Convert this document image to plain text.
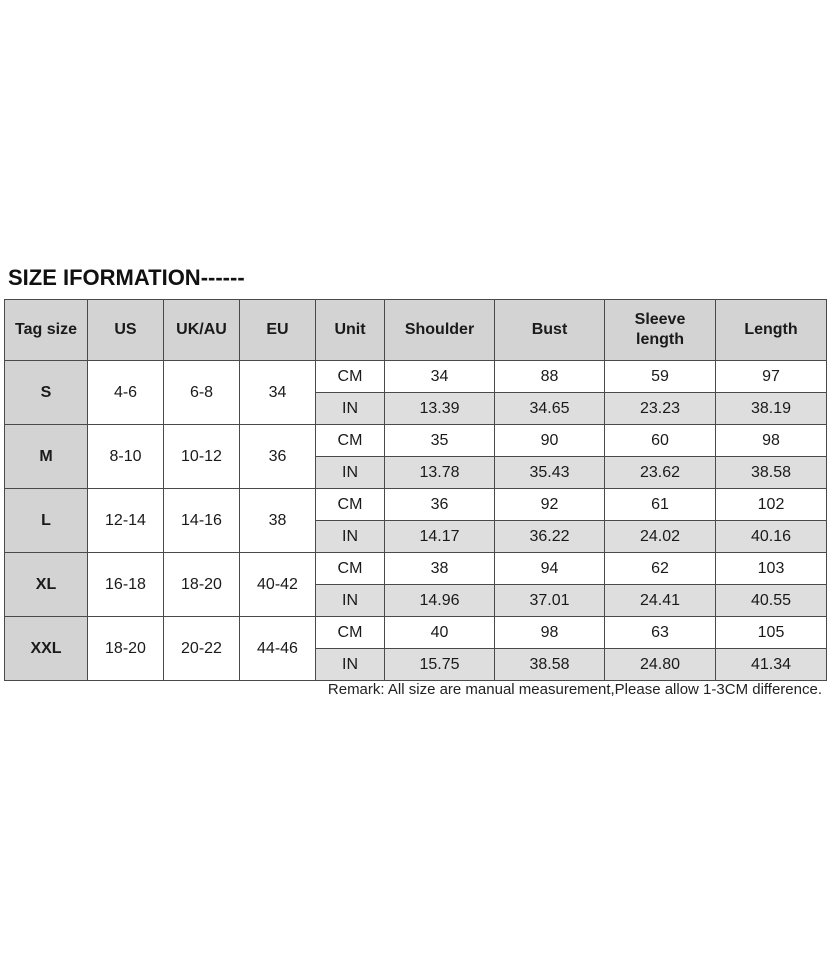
SIZE IFORMATION------
Tag size	US	UK/AU	EU	Unit	Shoulder	Bust	Sleeve length	Length
S	4-6	6-8	34	CM	34	88	59	97
				IN	13.39	34.65	23.23	38.19
M	8-10	10-12	36	CM	35	90	60	98
				IN	13.78	35.43	23.62	38.58
L	12-14	14-16	38	CM	36	92	61	102
				IN	14.17	36.22	24.02	40.16
XL	16-18	18-20	40-42	CM	38	94	62	103
				IN	14.96	37.01	24.41	40.55
XXL	18-20	20-22	44-46	CM	40	98	63	105
				IN	15.75	38.58	24.80	41.34
Remark: All size are manual measurement,Please allow 1-3CM difference.
